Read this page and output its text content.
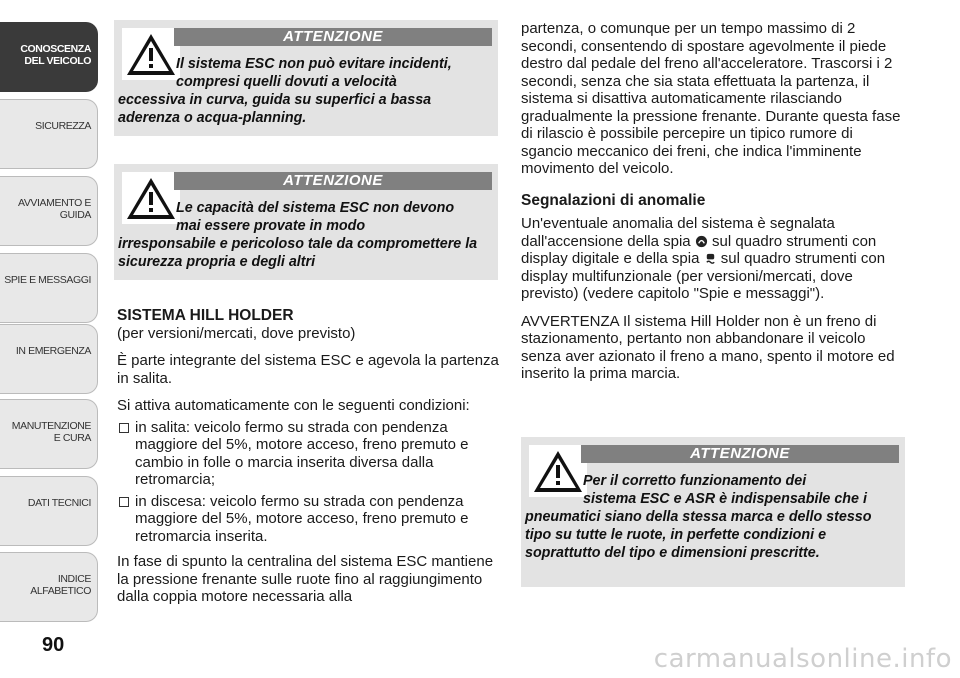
CONOSCENZA DEL VEICOLO
SICUREZZA
AVVIAMENTO E GUIDA
SPIE E MESSAGGI
IN EMERGENZA
MANUTENZIONE E CURA
DATI TECNICI
INDICE ALFABETICO
90
ATTENZIONE
Il sistema ESC non può evitare incidenti,
compresi quelli dovuti a velocità
eccessiva in curva, guida su superfici a bassa aderenza o acqua-planning.
ATTENZIONE
Le capacità del sistema ESC non devono
mai essere provate in modo
irresponsabile e pericoloso tale da compromettere la sicurezza propria e degli altri
SISTEMA HILL HOLDER

(per versioni/mercati, dove previsto)

È parte integrante del sistema ESC e agevola la partenza in salita.

Si attiva automaticamente con le seguenti condizioni:

in salita: veicolo fermo su strada con pendenza maggiore del 5%, motore acceso, freno premuto e cambio in folle o marcia inserita diversa dalla retromarcia;
in discesa: veicolo fermo su strada con pendenza maggiore del 5%, motore acceso, freno premuto e retromarcia inserita.

In fase di spunto la centralina del sistema ESC mantiene la pressione frenante sulle ruote fino al raggiungimento dalla coppia motore necessaria alla

partenza, o comunque per un tempo massimo di 2 secondi, consentendo di spostare agevolmente il piede destro dal pedale del freno all'acceleratore. Trascorsi i 2 secondi, senza che sia stata effettuata la partenza, il sistema si disattiva automaticamente rilasciando gradualmente la pressione frenante. Durante questa fase di rilascio è possibile percepire un tipico rumore di sgancio meccanico dei freni, che indica l'imminente movimento del veicolo.

Segnalazioni di anomalie

Un'eventuale anomalia del sistema è segnalata dall'accensione della spia sul quadro strumenti con display digitale e della spia sul quadro strumenti con display multifunzionale (per versioni/mercati, dove previsto) (vedere capitolo "Spie e messaggi").

AVVERTENZA Il sistema Hill Holder non è un freno di stazionamento, pertanto non abbandonare il veicolo senza aver azionato il freno a mano, spento il motore ed inserito la prima marcia.

ATTENZIONE
Per il corretto funzionamento dei
sistema ESC e ASR è indispensabile che i
pneumatici siano della stessa marca e dello stesso tipo su tutte le ruote, in perfette condizioni e soprattutto del tipo e dimensioni prescritte.
carmanualsonline.info
